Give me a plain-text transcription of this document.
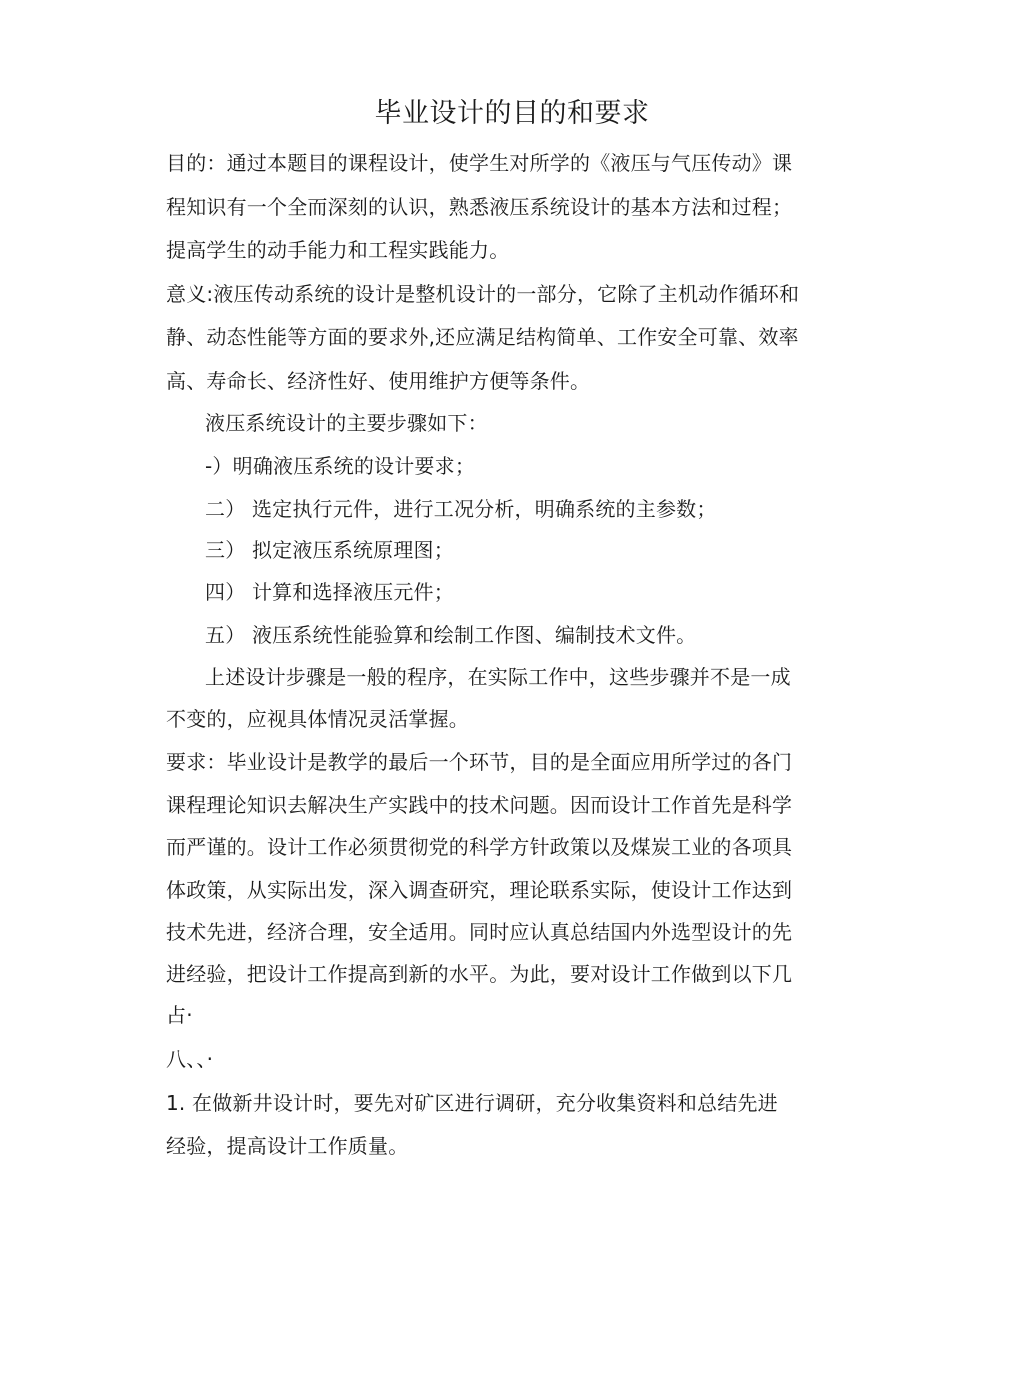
毕业设计的目的和要求
目的：通过本题目的课程设计，使学生对所学的《液压与气压传动》课
程知识有一个全而深刻的认识，熟悉液压系统设计的基本方法和过程；
提高学生的动手能力和工程实践能力。
意义:液压传动系统的设计是整机设计的一部分，它除了主机动作循环和
静、动态性能等方面的要求外,还应满足结构简单、工作安全可靠、效率
高、寿命长、经济性好、使用维护方便等条件。
液压系统设计的主要步骤如下：
-）明确液压系统的设计要求；
二） 选定执行元件，进行工况分析，明确系统的主参数；
三） 拟定液压系统原理图；
四） 计算和选择液压元件；
五） 液压系统性能验算和绘制工作图、编制技术文件。
上述设计步骤是一般的程序，在实际工作中，这些步骤并不是一成
不变的，应视具体情况灵活掌握。
要求：毕业设计是教学的最后一个环节，目的是全面应用所学过的各门
课程理论知识去解决生产实践中的技术问题。因而设计工作首先是科学
而严谨的。设计工作必须贯彻党的科学方针政策以及煤炭工业的各项具
体政策，从实际出发，深入调查研究，理论联系实际，使设计工作达到
技术先进，经济合理，安全适用。同时应认真总结国内外选型设计的先
进经验，把设计工作提高到新的水平。为此，要对设计工作做到以下几
占·
八、、·
1. 在做新井设计时，要先对矿区进行调研，充分收集资料和总结先进
经验，提高设计工作质量。
